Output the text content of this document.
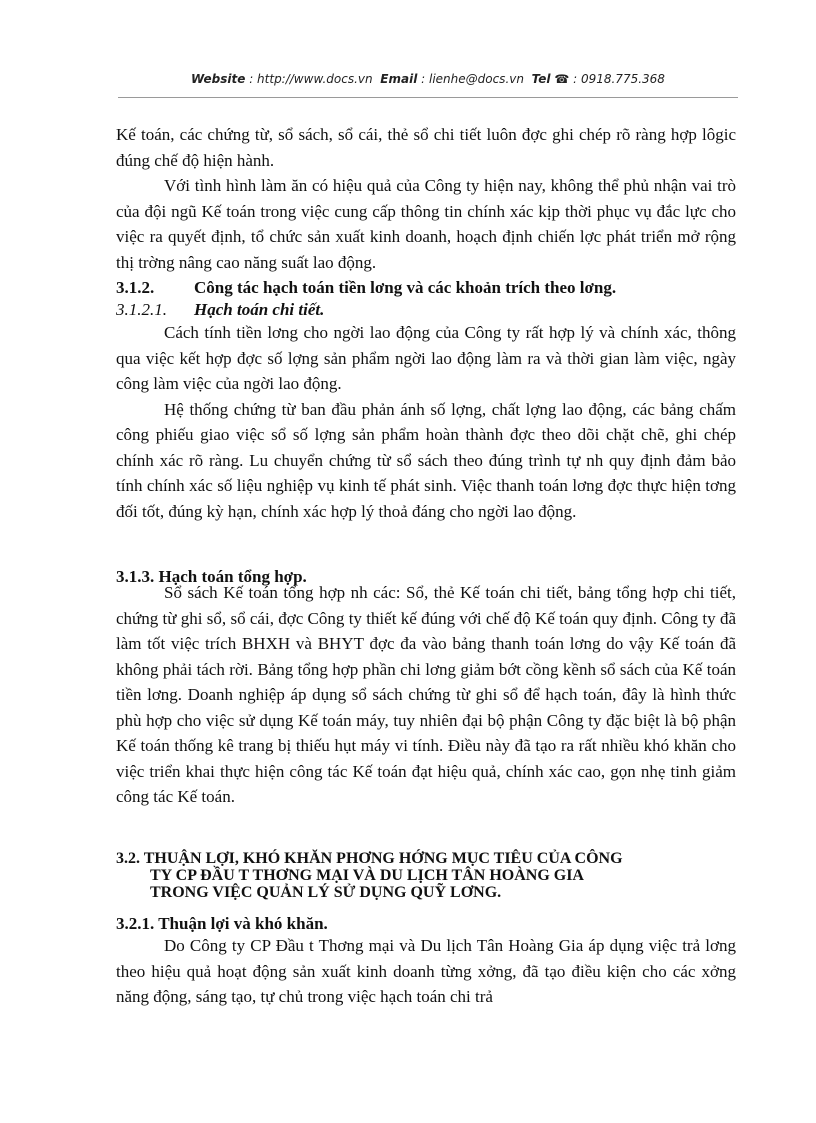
Website : http://www.docs.vn Email : lienhe@docs.vn Tel ☎ : 0918.775.368

Kế toán, các chứng từ, sổ sách, sổ cái, thẻ sổ chi tiết luôn đợc ghi chép rõ ràng hợp lôgic đúng chế độ hiện hành.

Với tình hình làm ăn có hiệu quả của Công ty hiện nay, không thể phủ nhận vai trò của đội ngũ Kế toán trong việc cung cấp thông tin chính xác kịp thời phục vụ đắc lực cho việc ra quyết định, tổ chức sản xuất kinh doanh, hoạch định chiến lợc phát triển mở rộng thị trờng nâng cao năng suất lao động.

3.1.2. Công tác hạch toán tiền lơng và các khoản trích theo lơng.

3.1.2.1. Hạch toán chi tiết.

Cách tính tiền lơng cho ngời lao động của Công ty rất hợp lý và chính xác, thông qua việc kết hợp đợc số lợng sản phẩm ngời lao động làm ra và thời gian làm việc, ngày công làm việc của ngời lao động.

Hệ thống chứng từ ban đầu phản ánh số lợng, chất lợng lao động, các bảng chấm công phiếu giao việc sổ số lợng sản phẩm hoàn thành đợc theo dõi chặt chẽ, ghi chép chính xác rõ ràng. Lu chuyển chứng từ sổ sách theo đúng trình tự nh quy định đảm bảo tính chính xác số liệu nghiệp vụ kinh tế phát sinh. Việc thanh toán lơng đợc thực hiện tơng đối tốt, đúng kỳ hạn, chính xác hợp lý thoả đáng cho ngời lao động.

3.1.3. Hạch toán tổng hợp.

Sổ sách Kế toán tổng hợp nh các: Sổ, thẻ Kế toán chi tiết, bảng tổng hợp chi tiết, chứng từ ghi sổ, sổ cái, đợc Công ty thiết kế đúng với chế độ Kế toán quy định. Công ty đã làm tốt việc trích BHXH và BHYT đợc đa vào bảng thanh toán lơng do vậy Kế toán đã không phải tách rời. Bảng tổng hợp phần chi lơng giảm bớt cồng kềnh sổ sách của Kế toán tiền lơng. Doanh nghiệp áp dụng sổ sách chứng từ ghi sổ để hạch toán, đây là hình thức phù hợp cho việc sử dụng Kế toán máy, tuy nhiên đại bộ phận Công ty đặc biệt là bộ phận Kế toán thống kê trang bị thiếu hụt máy vi tính. Điều này đã tạo ra rất nhiều khó khăn cho việc triển khai thực hiện công tác Kế toán đạt hiệu quả, chính xác cao, gọn nhẹ tinh giảm công tác Kế toán.

3.2. THUẬN LỢI, KHÓ KHĂN PHƠNG HỚNG MỤC TIÊU CỦA CÔNG
TY CP ĐẦU T THƠNG MẠI VÀ DU LỊCH TÂN HOÀNG GIA
TRONG VIỆC QUẢN LÝ SỬ DỤNG QUỸ LƠNG.

3.2.1. Thuận lợi và khó khăn.

Do Công ty CP Đầu t Thơng mại và Du lịch Tân Hoàng Gia áp dụng việc trả lơng theo hiệu quả hoạt động sản xuất kinh doanh từng xởng, đã tạo điều kiện cho các xởng năng động, sáng tạo, tự chủ trong việc hạch toán chi trả
